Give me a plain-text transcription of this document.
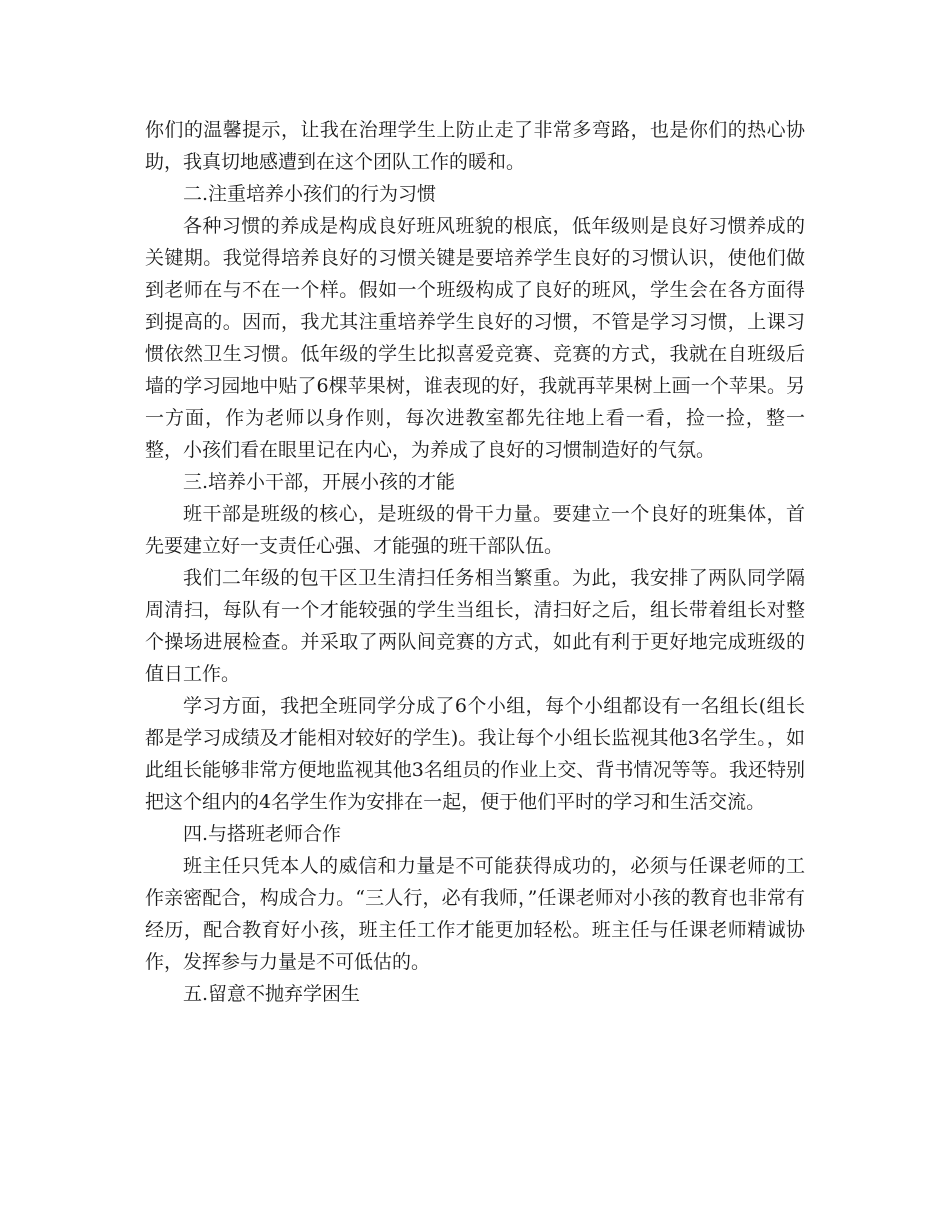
你们的温馨提示，让我在治理学生上防止走了非常多弯路，也是你们的热心协助，我真切地感遭到在这个团队工作的暖和。

二.注重培养小孩们的行为习惯

各种习惯的养成是构成良好班风班貌的根底，低年级则是良好习惯养成的关键期。我觉得培养良好的习惯关键是要培养学生良好的习惯认识，使他们做到老师在与不在一个样。假如一个班级构成了良好的班风，学生会在各方面得到提高的。因而，我尤其注重培养学生良好的习惯，不管是学习习惯，上课习惯依然卫生习惯。低年级的学生比拟喜爱竞赛、竞赛的方式，我就在自班级后墙的学习园地中贴了6棵苹果树，谁表现的好，我就再苹果树上画一个苹果。另一方面，作为老师以身作则，每次进教室都先往地上看一看，捡一捡，整一整，小孩们看在眼里记在内心，为养成了良好的习惯制造好的气氛。

三.培养小干部，开展小孩的才能

班干部是班级的核心，是班级的骨干力量。要建立一个良好的班集体，首先要建立好一支责任心强、才能强的班干部队伍。

我们二年级的包干区卫生清扫任务相当繁重。为此，我安排了两队同学隔周清扫，每队有一个才能较强的学生当组长，清扫好之后，组长带着组长对整个操场进展检查。并采取了两队间竞赛的方式，如此有利于更好地完成班级的值日工作。

学习方面，我把全班同学分成了6个小组，每个小组都设有一名组长(组长都是学习成绩及才能相对较好的学生)。我让每个小组长监视其他3名学生。，如此组长能够非常方便地监视其他3名组员的作业上交、背书情况等等。我还特别把这个组内的4名学生作为安排在一起，便于他们平时的学习和生活交流。

四.与搭班老师合作

班主任只凭本人的威信和力量是不可能获得成功的，必须与任课老师的工作亲密配合，构成合力。“三人行，必有我师，”任课老师对小孩的教育也非常有经历，配合教育好小孩，班主任工作才能更加轻松。班主任与任课老师精诚协作，发挥参与力量是不可低估的。

五.留意不抛弃学困生
